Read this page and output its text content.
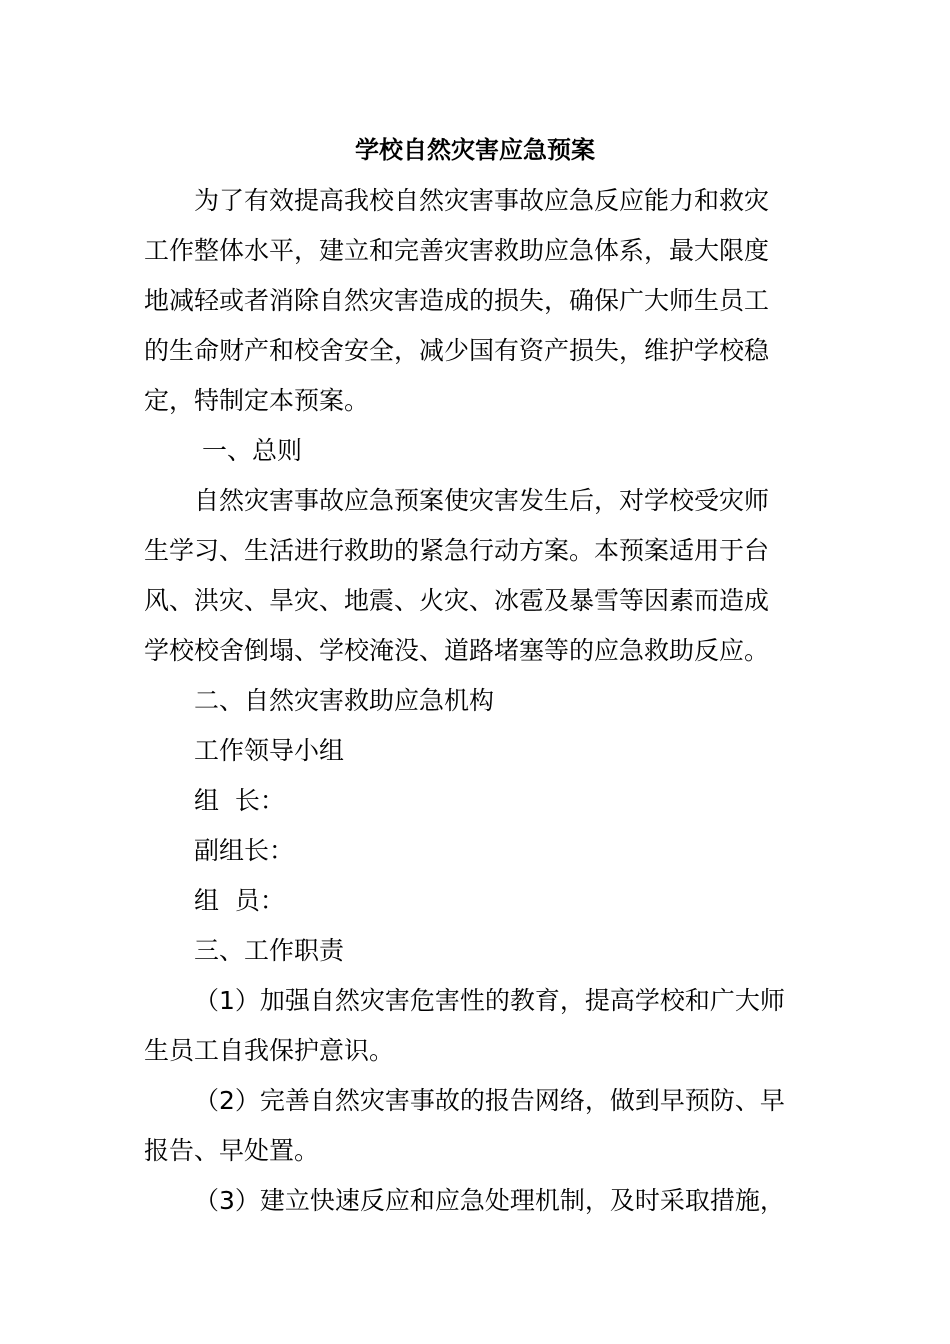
学校自然灾害应急预案
为了有效提高我校自然灾害事故应急反应能力和救灾
工作整体水平，建立和完善灾害救助应急体系，最大限度
地减轻或者消除自然灾害造成的损失，确保广大师生员工
的生命财产和校舍安全，减少国有资产损失，维护学校稳
定，特制定本预案。
一、总则
自然灾害事故应急预案使灾害发生后，对学校受灾师
生学习、生活进行救助的紧急行动方案。本预案适用于台
风、洪灾、旱灾、地震、火灾、冰雹及暴雪等因素而造成
学校校舍倒塌、学校淹没、道路堵塞等的应急救助反应。
二、自然灾害救助应急机构
工作领导小组
组  长：
副组长：
组  员：
三、工作职责
（1）加强自然灾害危害性的教育，提高学校和广大师
生员工自我保护意识。
（2）完善自然灾害事故的报告网络，做到早预防、早
报告、早处置。
（3）建立快速反应和应急处理机制，及时采取措施，
